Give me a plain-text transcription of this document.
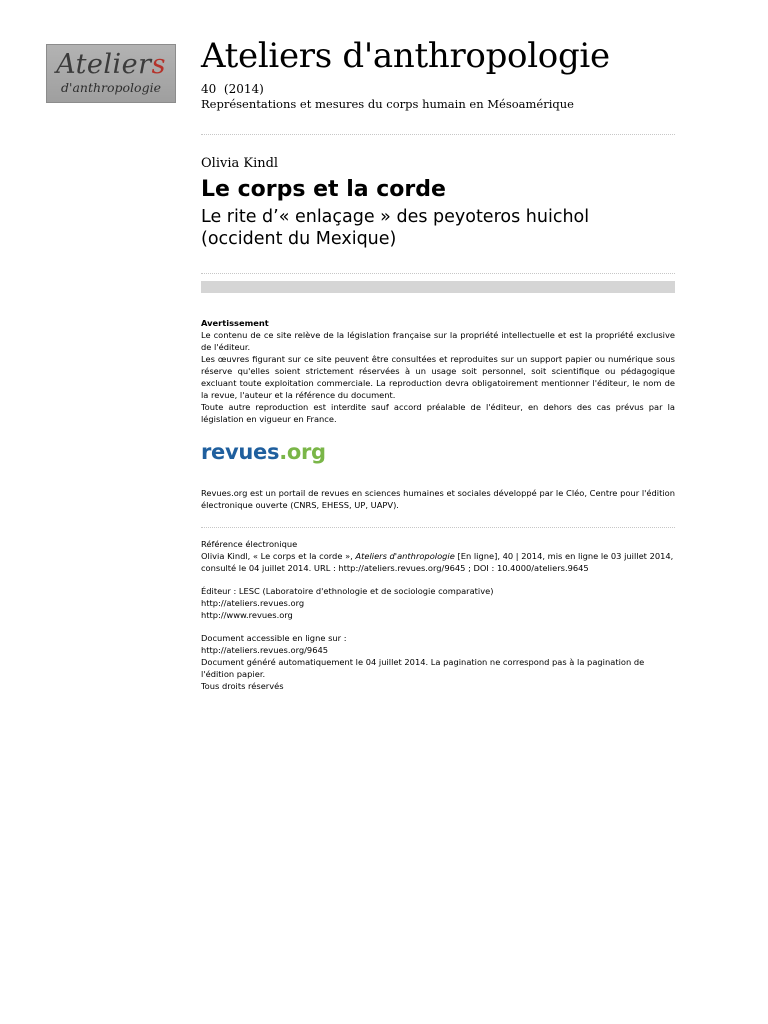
Ateliers
d'anthropologie
Ateliers d'anthropologie
40  (2014)
Représentations et mesures du corps humain en Mésoamérique
Olivia Kindl
Le corps et la corde
Le rite d’« enlaçage » des peyoteros huichol (occident du Mexique)
Avertissement

Le contenu de ce site relève de la législation française sur la propriété intellectuelle et est la propriété exclusive de l'éditeur.

Les œuvres figurant sur ce site peuvent être consultées et reproduites sur un support papier ou numérique sous réserve qu'elles soient strictement réservées à un usage soit personnel, soit scientifique ou pédagogique excluant toute exploitation commerciale. La reproduction devra obligatoirement mentionner l'éditeur, le nom de la revue, l'auteur et la référence du document.

Toute autre reproduction est interdite sauf accord préalable de l'éditeur, en dehors des cas prévus par la législation en vigueur en France.

revues.org
Revues.org est un portail de revues en sciences humaines et sociales développé par le Cléo, Centre pour l'édition électronique ouverte (CNRS, EHESS, UP, UAPV).
Référence électronique
Olivia Kindl, « Le corps et la corde », Ateliers d'anthropologie [En ligne], 40 | 2014, mis en ligne le 03 juillet 2014, consulté le 04 juillet 2014. URL : http://ateliers.revues.org/9645 ; DOI : 10.4000/ateliers.9645
Éditeur : LESC (Laboratoire d'ethnologie et de sociologie comparative)
http://ateliers.revues.org
http://www.revues.org
Document accessible en ligne sur :
http://ateliers.revues.org/9645
Document généré automatiquement le 04 juillet 2014. La pagination ne correspond pas à la pagination de l'édition papier.
Tous droits réservés
